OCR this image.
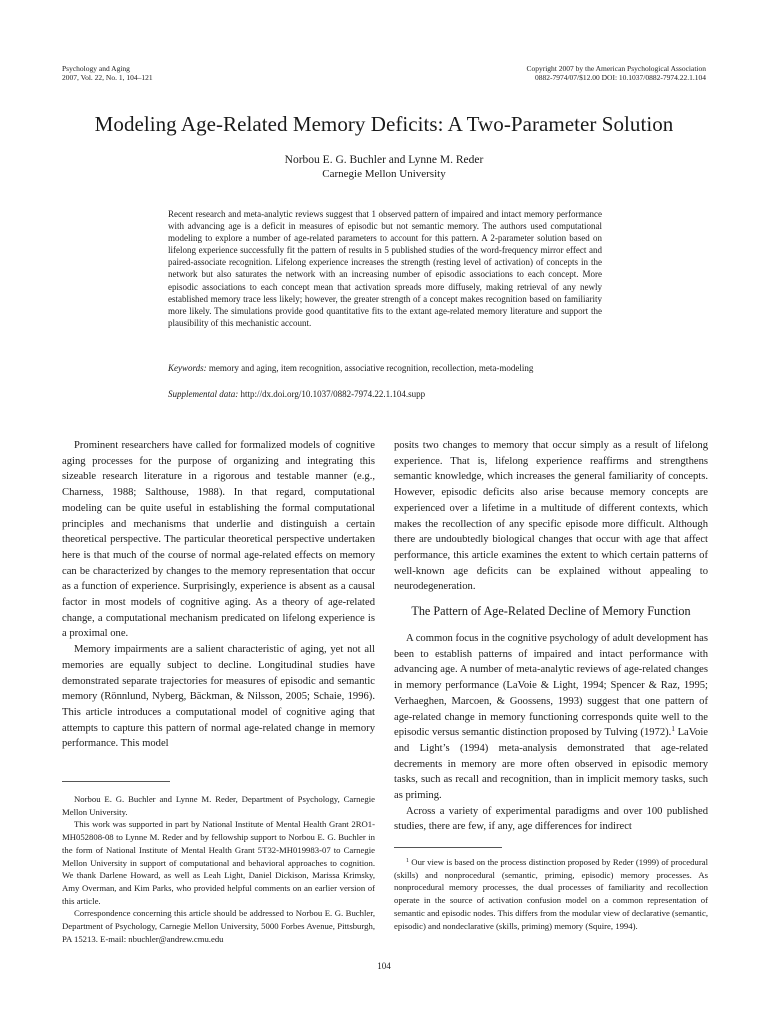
Psychology and Aging
2007, Vol. 22, No. 1, 104–121
Copyright 2007 by the American Psychological Association
0882-7974/07/$12.00 DOI: 10.1037/0882-7974.22.1.104
Modeling Age-Related Memory Deficits: A Two-Parameter Solution
Norbou E. G. Buchler and Lynne M. Reder
Carnegie Mellon University

Recent research and meta-analytic reviews suggest that 1 observed pattern of impaired and intact memory performance with advancing age is a deficit in measures of episodic but not semantic memory. The authors used computational modeling to explore a number of age-related parameters to account for this pattern. A 2-parameter solution based on lifelong experience successfully fit the pattern of results in 5 published studies of the word-frequency mirror effect and paired-associate recognition. Lifelong experience increases the strength (resting level of activation) of concepts in the network but also saturates the network with an increasing number of episodic associations to each concept. More episodic associations to each concept mean that activation spreads more diffusely, making retrieval of any newly established memory trace less likely; however, the greater strength of a concept makes recognition based on familiarity more likely. The simulations provide good quantitative fits to the extant age-related memory literature and support the plausibility of this mechanistic account.

Keywords: memory and aging, item recognition, associative recognition, recollection, meta-modeling
Supplemental data: http://dx.doi.org/10.1037/0882-7974.22.1.104.supp

Prominent researchers have called for formalized models of cognitive aging processes for the purpose of organizing and integrating this sizeable research literature in a rigorous and testable manner (e.g., Charness, 1988; Salthouse, 1988). In that regard, computational modeling can be quite useful in establishing the formal computational principles and mechanisms that underlie and distinguish a certain theoretical perspective. The particular theoretical perspective undertaken here is that much of the course of normal age-related effects on memory can be characterized by changes to the memory representation that occur as a function of experience. Surprisingly, experience is absent as a causal factor in most models of cognitive aging. As a theory of age-related change, a computational mechanism predicated on lifelong experience is a proximal one.

Memory impairments are a salient characteristic of aging, yet not all memories are equally subject to decline. Longitudinal studies have demonstrated separate trajectories for measures of episodic and semantic memory (Rönnlund, Nyberg, Bäckman, & Nilsson, 2005; Schaie, 1996). This article introduces a computational model of cognitive aging that attempts to capture this pattern of normal age-related change in memory performance. This model

posits two changes to memory that occur simply as a result of lifelong experience. That is, lifelong experience reaffirms and strengthens semantic knowledge, which increases the general familiarity of concepts. However, episodic deficits also arise because memory concepts are experienced over a lifetime in a multitude of different contexts, which makes the recollection of any specific episode more difficult. Although there are undoubtedly biological changes that occur with age that affect performance, this article examines the extent to which certain patterns of well-known age deficits can be explained without appealing to neurodegeneration.

The Pattern of Age-Related Decline of Memory Function

A common focus in the cognitive psychology of adult development has been to establish patterns of impaired and intact performance with advancing age. A number of meta-analytic reviews of age-related changes in memory performance (LaVoie & Light, 1994; Spencer & Raz, 1995; Verhaeghen, Marcoen, & Goossens, 1993) suggest that one pattern of age-related change in memory functioning corresponds quite well to the episodic versus semantic distinction proposed by Tulving (1972).$^1$ LaVoie and Light’s (1994) meta-analysis demonstrated that age-related decrements in memory are more often observed in episodic memory tasks, such as recall and recognition, than in implicit memory tasks, such as priming.

Across a variety of experimental paradigms and over 100 published studies, there are few, if any, age differences for indirect

Norbou E. G. Buchler and Lynne M. Reder, Department of Psychology, Carnegie Mellon University.

This work was supported in part by National Institute of Mental Health Grant 2RO1-MH052808-08 to Lynne M. Reder and by fellowship support to Norbou E. G. Buchler in the form of National Institute of Mental Health Grant 5T32-MH019983-07 to Carnegie Mellon University in support of computational and behavioral approaches to cognition. We thank Darlene Howard, as well as Leah Light, Daniel Dickison, Marissa Krimsky, Amy Overman, and Kim Parks, who provided helpful comments on an earlier version of this article.

Correspondence concerning this article should be addressed to Norbou E. G. Buchler, Department of Psychology, Carnegie Mellon University, 5000 Forbes Avenue, Pittsburgh, PA 15213. E-mail: nbuchler@andrew.cmu.edu

$^1$ Our view is based on the process distinction proposed by Reder (1999) of procedural (skills) and nonprocedural (semantic, priming, episodic) memory processes. As nonprocedural memory processes, the dual processes of familiarity and recollection operate in the source of activation confusion model on a common representation of semantic and episodic nodes. This differs from the modular view of declarative (semantic, episodic) and nondeclarative (skills, priming) memory (Squire, 1994).

104
